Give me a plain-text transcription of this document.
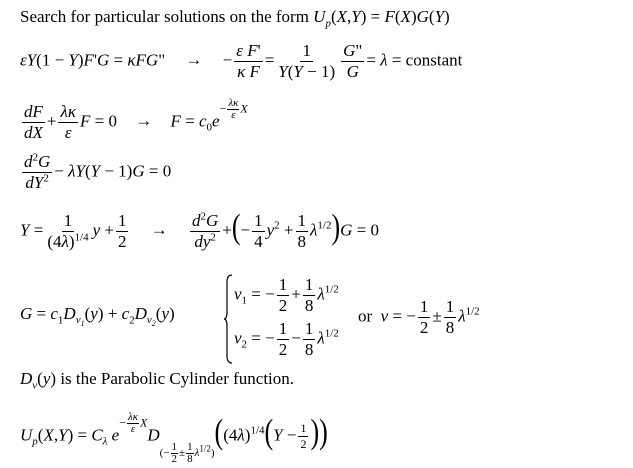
Search for particular solutions on the form $U_p(X,Y) = F(X)G(Y)$
εY(1 − Y)F'G = κFG" → − $\frac{\text{ε F'}}{\text{κ F}} = \frac{1}{Y(Y - 1)} \frac{G"}{G} = \lambda$ = constant
$\frac{dF}{dX} + \frac{\lambda\kappa}{\varepsilon}$ $F = 0 \to F = c_0e- \frac{\lambda\kappa}{\varepsilon}$ X
$\frac{d^2G}{dY^2} - \lambda Y(Y - 1)G = 0$
$Y = \frac{1}{(4\lambda)^{1/4}}$ $y + \frac{1}{2} \to \frac{d^2G}{dy^2}$ +(− $\frac{1}{4} y^2 + \frac{1}{8} \lambda^{1/2})G = 0$
$G = c_1D_{\nu_1}(y) + c_2D_{\nu_2}(y)$
$\nu_1$ = − $\frac{1}{2} + \frac{1}{8} \lambda^{1/2}$
$\nu_2$ = − $\frac{1}{2} - \frac{1}{8} \lambda^{1/2}$
or ν = − $\frac{1}{2} \pm \frac{1}{8} \lambda^{1/2}$
$D_\nu(y)$ is the Parabolic Cylinder function.
$U_p(X,Y) = C_\lambda$ $e- \frac{\lambda\kappa}{\varepsilon} XD(- \frac{1}{2} \pm \frac{1}{8} \lambda^{1/2})((4\lambda)^{1/4}(Y - \frac{1}{2}$ ))
